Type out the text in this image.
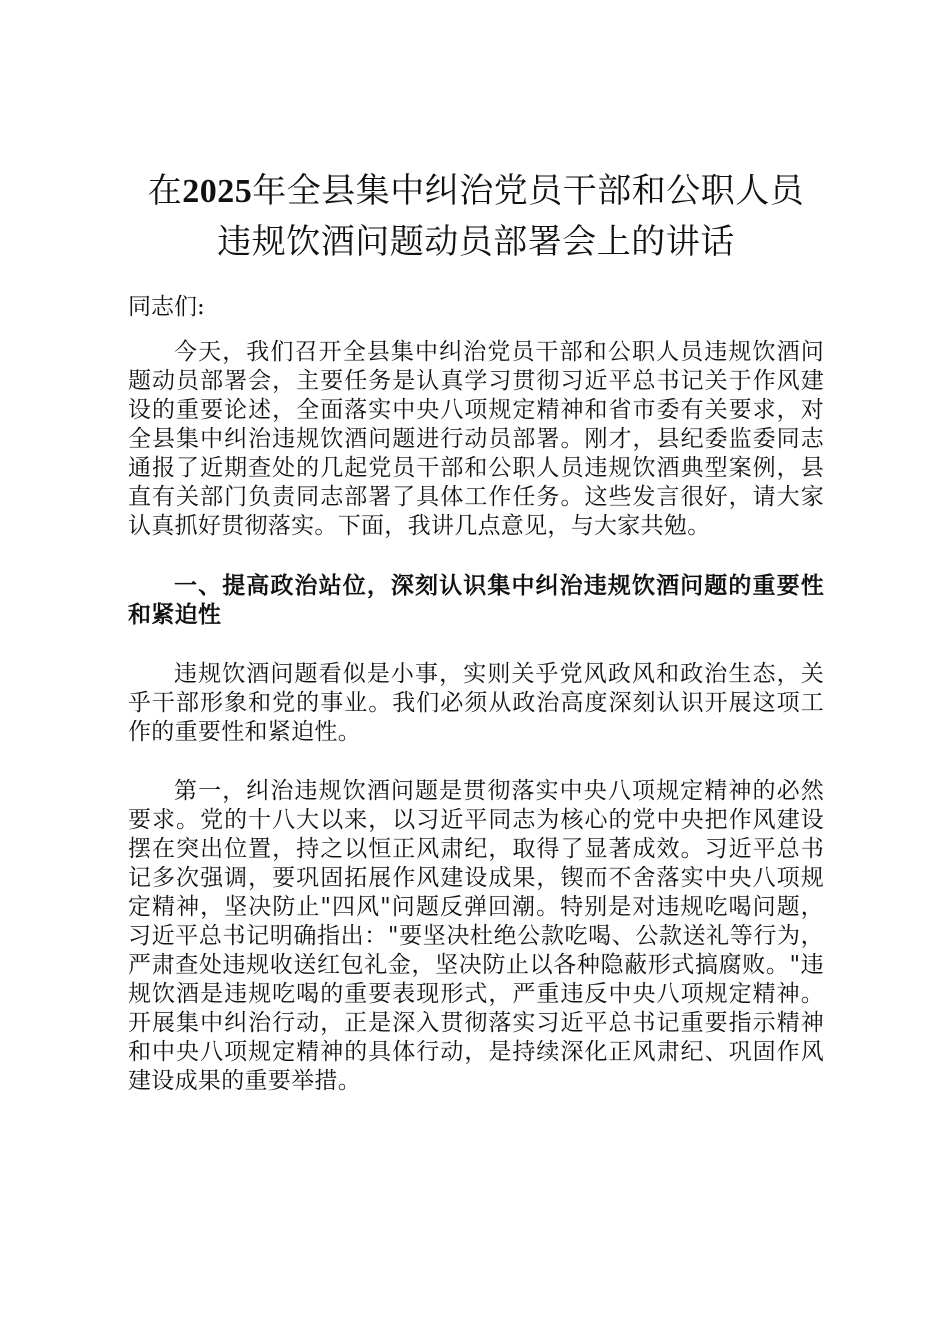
在2025年全县集中纠治党员干部和公职人员
违规饮酒问题动员部署会上的讲话

同志们:

今天，我们召开全县集中纠治党员干部和公职人员违规饮酒问题动员部署会，主要任务是认真学习贯彻习近平总书记关于作风建设的重要论述，全面落实中央八项规定精神和省市委有关要求，对全县集中纠治违规饮酒问题进行动员部署。刚才，县纪委监委同志通报了近期查处的几起党员干部和公职人员违规饮酒典型案例，县直有关部门负责同志部署了具体工作任务。这些发言很好，请大家认真抓好贯彻落实。下面，我讲几点意见，与大家共勉。

一、提高政治站位，深刻认识集中纠治违规饮酒问题的重要性和紧迫性

违规饮酒问题看似是小事，实则关乎党风政风和政治生态，关乎干部形象和党的事业。我们必须从政治高度深刻认识开展这项工作的重要性和紧迫性。

第一，纠治违规饮酒问题是贯彻落实中央八项规定精神的必然要求。党的十八大以来，以习近平同志为核心的党中央把作风建设摆在突出位置，持之以恒正风肃纪，取得了显著成效。习近平总书记多次强调，要巩固拓展作风建设成果，锲而不舍落实中央八项规定精神，坚决防止"四风"问题反弹回潮。特别是对违规吃喝问题，习近平总书记明确指出："要坚决杜绝公款吃喝、公款送礼等行为，严肃查处违规收送红包礼金，坚决防止以各种隐蔽形式搞腐败。"违规饮酒是违规吃喝的重要表现形式，严重违反中央八项规定精神。开展集中纠治行动，正是深入贯彻落实习近平总书记重要指示精神和中央八项规定精神的具体行动，是持续深化正风肃纪、巩固作风建设成果的重要举措。
